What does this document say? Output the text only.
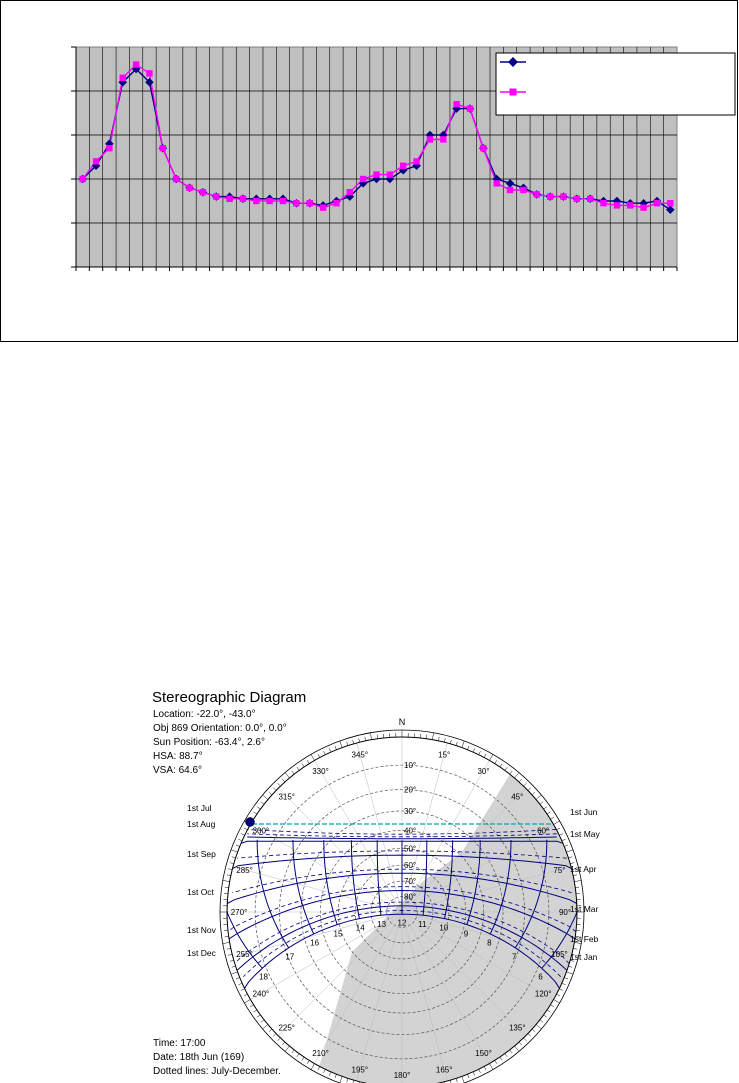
N
15°
30°
45°
60°
75°
90°
105°
120°
135°
150°
165°
180°
195°
210°
225°
240°
255°
270°
285°
300°
315°
330°
345°
10°
20°
30°
40°
50°
60°
70°
80°
1st Jul
1st Aug
1st Sep
1st Oct
1st Nov
1st Dec
1st Jun
1st May
1st Apr
1st Mar
1st Feb
1st Jan
18
17
16
15
14 13 12 11 10
9
8
7
6
Stereographic Diagram
Location: -22.0°, -43.0°
Obj 869 Orientation: 0.0°, 0.0°
Sun Position: -63.4°, 2.6°
HSA: 88.7°
VSA: 64.6°
Time: 17:00
Date: 18th Jun (169)
Dotted lines: July-December.
